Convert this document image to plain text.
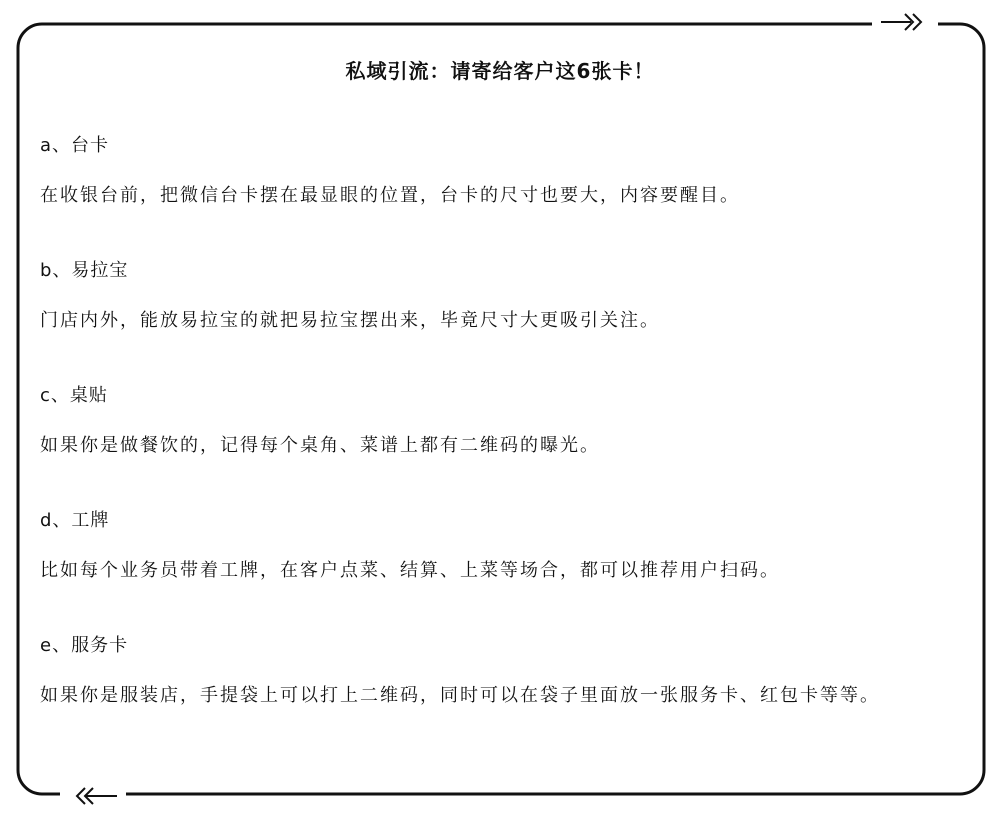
私域引流：请寄给客户这6张卡！
a、台卡

在收银台前，把微信台卡摆在最显眼的位置，台卡的尺寸也要大，内容要醒目。

b、易拉宝

门店内外，能放易拉宝的就把易拉宝摆出来，毕竟尺寸大更吸引关注。

c、桌贴

如果你是做餐饮的，记得每个桌角、菜谱上都有二维码的曝光。

d、工牌

比如每个业务员带着工牌，在客户点菜、结算、上菜等场合，都可以推荐用户扫码。

e、服务卡

如果你是服装店，手提袋上可以打上二维码，同时可以在袋子里面放一张服务卡、红包卡等等。
